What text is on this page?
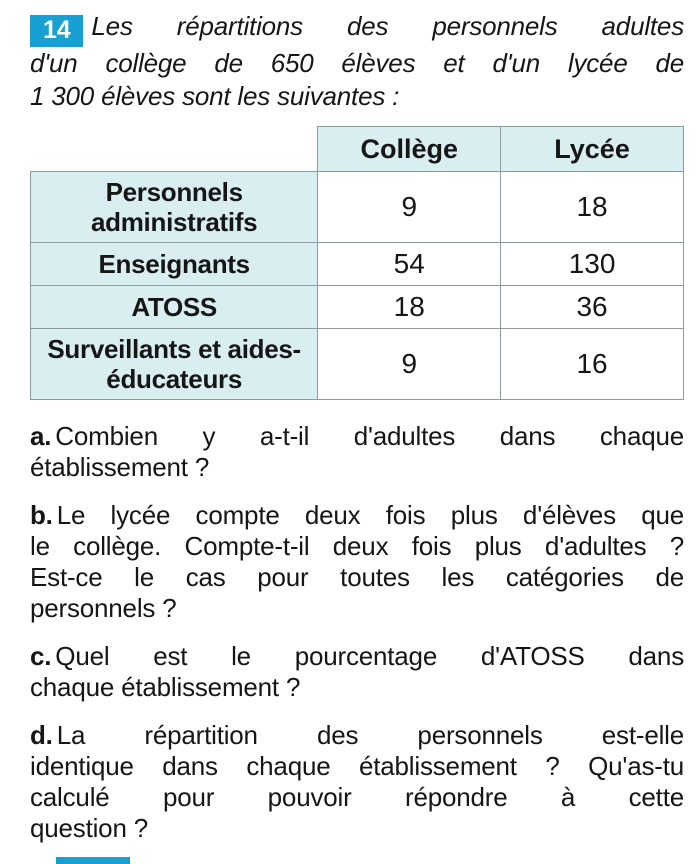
14 Les répartitions des personnels adultes
d'un collège de 650 élèves et d'un lycée de
1 300 élèves sont les suivantes :
	Collège	Lycée
Personnels administratifs	9	18
Enseignants	54	130
ATOSS	18	36
Surveillants et aides-éducateurs	9	16
a. Combien y a-t-il d'adultes dans chaque
établissement ?
b. Le lycée compte deux fois plus d'élèves que
le collège. Compte-t-il deux fois plus d'adultes ?
Est-ce le cas pour toutes les catégories de
personnels ?
c. Quel est le pourcentage d'ATOSS dans
chaque établissement ?
d. La répartition des personnels est-elle
identique dans chaque établissement ? Qu'as-tu
calculé pour pouvoir répondre à cette
question ?
